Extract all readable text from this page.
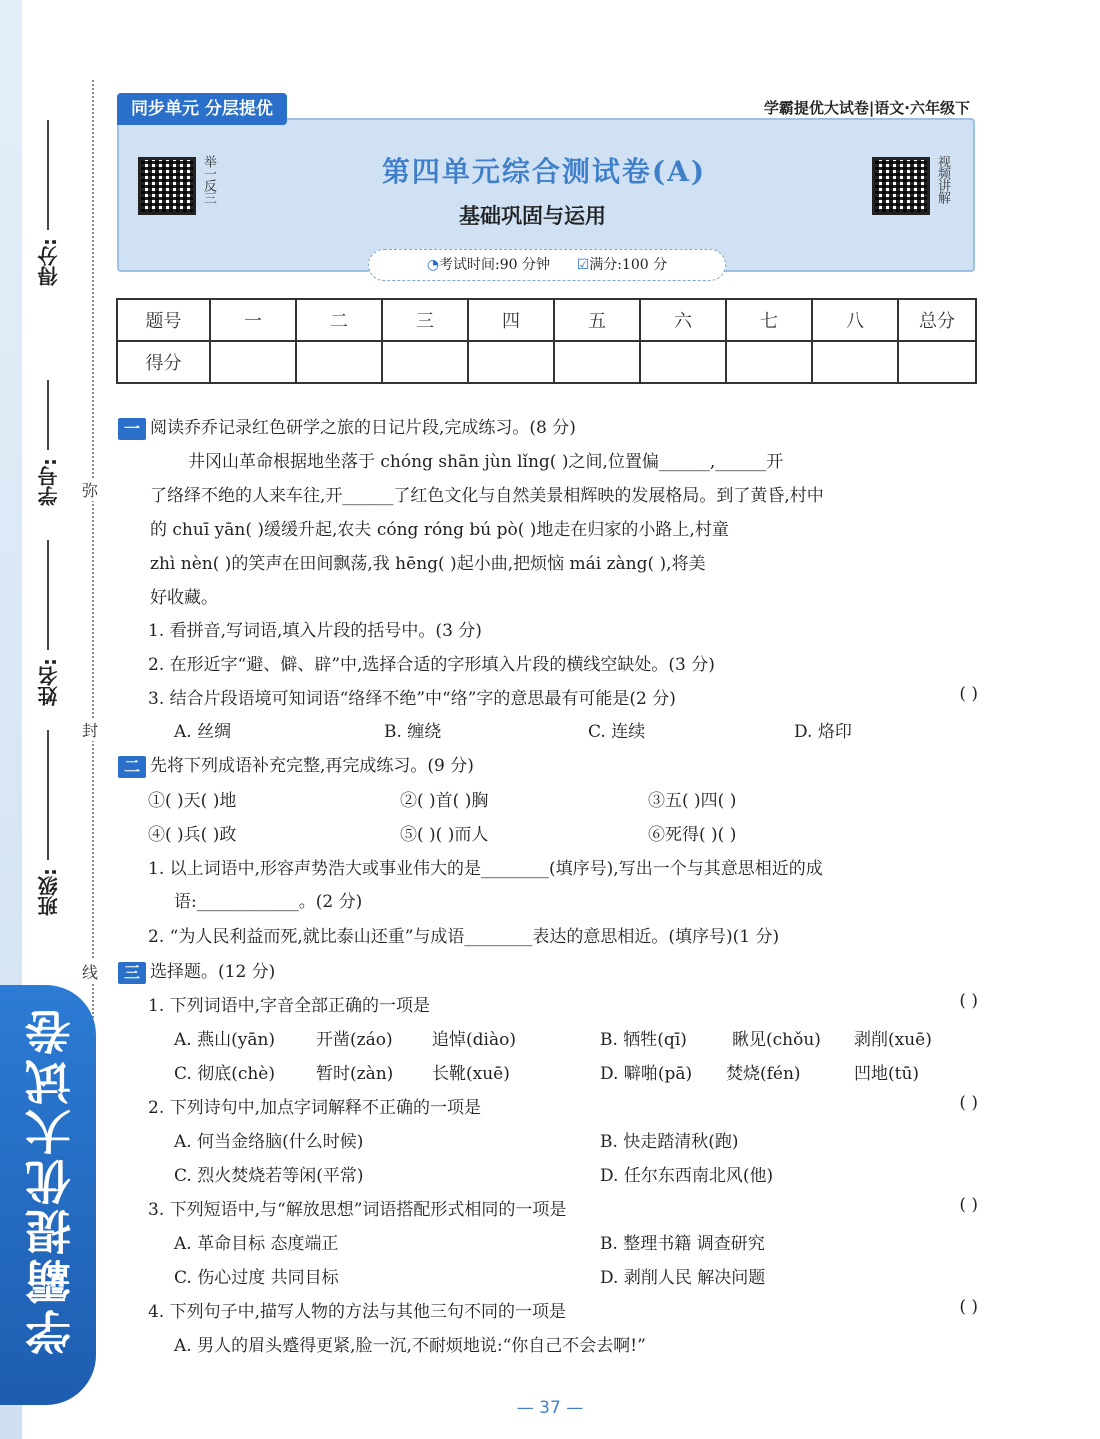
得分:
学号:
姓名:
班级:
弥
封
线
学霸提优大试卷
同步单元 分层提优	学霸提优大试卷|语文·六年级下
举一反三	视频讲解
第四单元综合测试卷(A)
基础巩固与运用
◔考试时间:90 分钟 ☑满分:100 分
题号	一	二	三	四	五	六	七	八	总分
得分									
一 阅读乔乔记录红色研学之旅的日记片段,完成练习。(8 分)
井冈山革命根据地坐落于 chóng shān jùn lǐng( )之间,位置偏______,______开
了络绎不绝的人来车往,开______了红色文化与自然美景相辉映的发展格局。到了黄昏,村中
的 chuī yān( )缓缓升起,农夫 cóng róng bú pò( )地走在归家的小路上,村童
zhì nèn( )的笑声在田间飘荡,我 hēng( )起小曲,把烦恼 mái zàng( ),将美
好收藏。
1. 看拼音,写词语,填入片段的括号中。(3 分)
2. 在形近字“避、僻、辟”中,选择合适的字形填入片段的横线空缺处。(3 分)
3. 结合片段语境可知词语“络绎不绝”中“络”字的意思最有可能是(2 分)	( )
A. 丝绸	B. 缠绕	C. 连续	D. 烙印
二 先将下列成语补充完整,再完成练习。(9 分)
①( )天( )地	②( )首( )胸	③五( )四( )
④( )兵( )政	⑤( )( )而人	⑥死得( )( )
1. 以上词语中,形容声势浩大或事业伟大的是________(填序号),写出一个与其意思相近的成
语:____________。(2 分)
2. “为人民利益而死,就比泰山还重”与成语________表达的意思相近。(填序号)(1 分)
三 选择题。(12 分)
1. 下列词语中,字音全部正确的一项是	( )
A. 燕山(yān) 开凿(záo) 追悼(diào)	B. 牺牲(qī)	瞅见(chǒu) 剥削(xuē)
C. 彻底(chè) 暂时(zàn) 长靴(xuē)	D. 噼啪(pā) 焚烧(fén)	凹地(tū)
2. 下列诗句中,加点字词解释不正确的一项是	( )
A. 何当金络脑(什么时候)	B. 快走踏清秋(跑)
C. 烈火焚烧若等闲(平常)	D. 任尔东西南北风(他)
3. 下列短语中,与“解放思想”词语搭配形式相同的一项是	( )
A. 革命目标 态度端正	B. 整理书籍 调查研究
C. 伤心过度 共同目标	D. 剥削人民 解决问题
4. 下列句子中,描写人物的方法与其他三句不同的一项是	( )
A. 男人的眉头蹙得更紧,脸一沉,不耐烦地说:“你自己不会去啊!”
— 37 —
